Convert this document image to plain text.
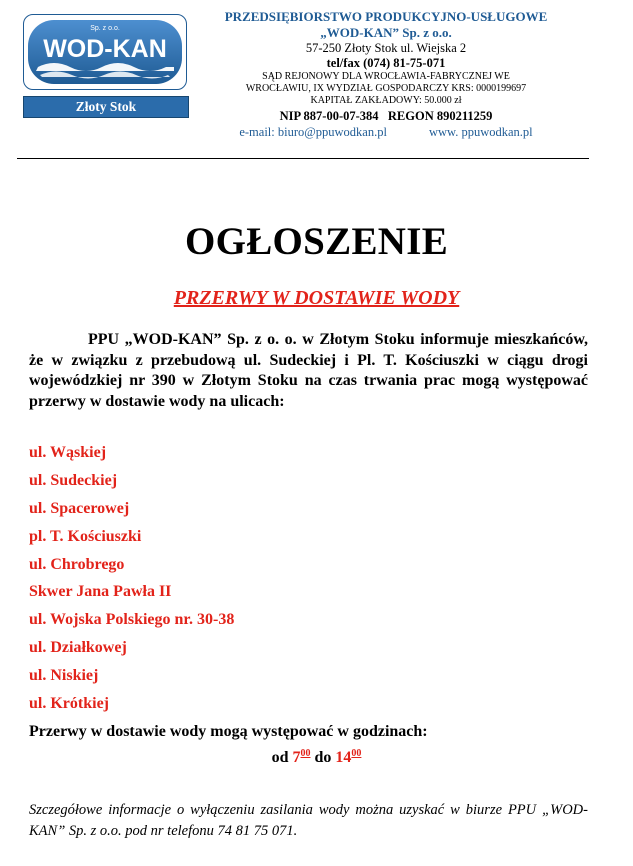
Sp. z o.o.
WOD-KAN
Złoty Stok
PRZEDSIĘBIORSTWO PRODUKCYJNO-USŁUGOWE
„WOD-KAN” Sp. z o.o.
57-250 Złoty Stok ul. Wiejska 2
tel/fax (074) 81-75-071
SĄD REJONOWY DLA WROCŁAWIA-FABRYCZNEJ WE
WROCŁAWIU, IX WYDZIAŁ GOSPODARCZY KRS: 0000199697
KAPITAŁ ZAKŁADOWY: 50.000 zł
NIP 887-00-07-384 REGON 890211259
e-mail: biuro@ppuwodkan.pl	www. ppuwodkan.pl
OGŁOSZENIE
PRZERWY W DOSTAWIE WODY
PPU „WOD-KAN” Sp. z o. o. w Złotym Stoku informuje mieszkańców, że w związku z przebudową ul. Sudeckiej i Pl. T. Kościuszki w ciągu drogi wojewódzkiej nr 390 w Złotym Stoku na czas trwania prac mogą występować przerwy w dostawie wody na ulicach:
ul. Wąskiej
ul. Sudeckiej
ul. Spacerowej
pl. T. Kościuszki
ul. Chrobrego
Skwer Jana Pawła II
ul. Wojska Polskiego nr. 30-38
ul. Działkowej
ul. Niskiej
ul. Krótkiej
Przerwy w dostawie wody mogą występować w godzinach:
od $7^{00}$ do $14^{00}$
Szczegółowe informacje o wyłączeniu zasilania wody można uzyskać w biurze PPU „WOD-KAN” Sp. z o.o. pod nr telefonu 74 81 75 071.
